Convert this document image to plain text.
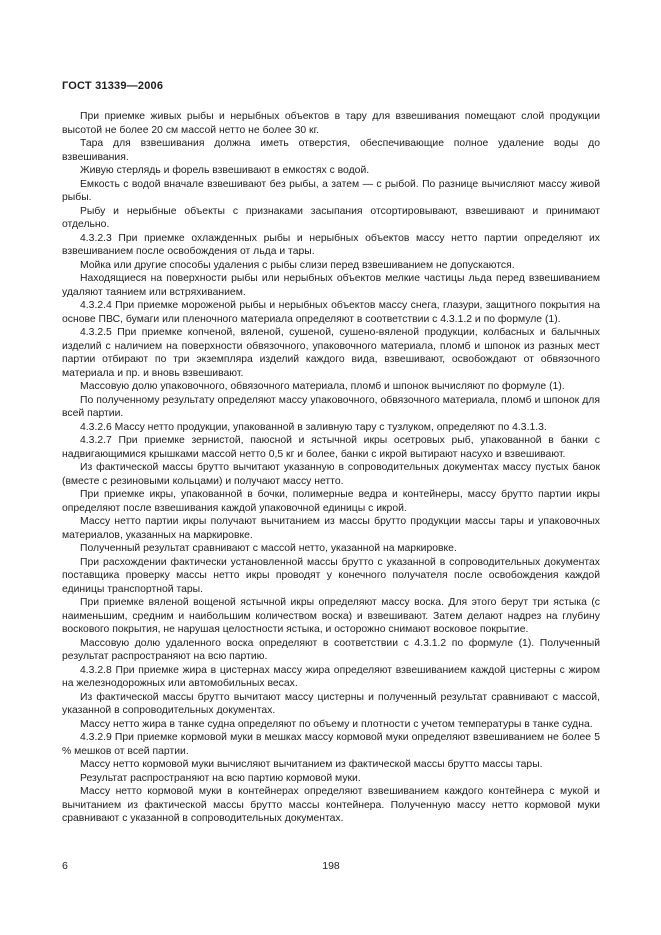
ГОСТ 31339—2006

При приемке живых рыбы и нерыбных объектов в тару для взвешивания помещают слой продукции высотой не более 20 см массой нетто не более 30 кг.

Тара для взвешивания должна иметь отверстия, обеспечивающие полное удаление воды до взвешивания.

Живую стерлядь и форель взвешивают в емкостях с водой.

Емкость с водой вначале взвешивают без рыбы, а затем — с рыбой. По разнице вычисляют массу живой рыбы.

Рыбу и нерыбные объекты с признаками засыпания отсортировывают, взвешивают и принимают отдельно.

4.3.2.3 При приемке охлажденных рыбы и нерыбных объектов массу нетто партии определяют их взвешиванием после освобождения от льда и тары.

Мойка или другие способы удаления с рыбы слизи перед взвешиванием не допускаются.

Находящиеся на поверхности рыбы или нерыбных объектов мелкие частицы льда перед взвешиванием удаляют таянием или встряхиванием.

4.3.2.4 При приемке мороженой рыбы и нерыбных объектов массу снега, глазури, защитного покрытия на основе ПВС, бумаги или пленочного материала определяют в соответствии с 4.3.1.2 и по формуле (1).

4.3.2.5 При приемке копченой, вяленой, сушеной, сушено-вяленой продукции, колбасных и балычных изделий с наличием на поверхности обвязочного, упаковочного материала, пломб и шпонок из разных мест партии отбирают по три экземпляра изделий каждого вида, взвешивают, освобождают от обвязочного материала и пр. и вновь взвешивают.

Массовую долю упаковочного, обвязочного материала, пломб и шпонок вычисляют по формуле (1).

По полученному результату определяют массу упаковочного, обвязочного материала, пломб и шпонок для всей партии.

4.3.2.6 Массу нетто продукции, упакованной в заливную тару с тузлуком, определяют по 4.3.1.3.

4.3.2.7 При приемке зернистой, паюсной и ястычной икры осетровых рыб, упакованной в банки с надвигающимися крышками массой нетто 0,5 кг и более, банки с икрой вытирают насухо и взвешивают.

Из фактической массы брутто вычитают указанную в сопроводительных документах массу пустых банок (вместе с резиновыми кольцами) и получают массу нетто.

При приемке икры, упакованной в бочки, полимерные ведра и контейнеры, массу брутто партии икры определяют после взвешивания каждой упаковочной единицы с икрой.

Массу нетто партии икры получают вычитанием из массы брутто продукции массы тары и упаковочных материалов, указанных на маркировке.

Полученный результат сравнивают с массой нетто, указанной на маркировке.

При расхождении фактически установленной массы брутто с указанной в сопроводительных документах поставщика проверку массы нетто икры проводят у конечного получателя после освобождения каждой единицы транспортной тары.

При приемке вяленой вощеной ястычной икры определяют массу воска. Для этого берут три ястыка (с наименьшим, средним и наибольшим количеством воска) и взвешивают. Затем делают надрез на глубину воскового покрытия, не нарушая целостности ястыка, и осторожно снимают восковое покрытие.

Массовую долю удаленного воска определяют в соответствии с 4.3.1.2 по формуле (1). Полученный результат распространяют на всю партию.

4.3.2.8 При приемке жира в цистернах массу жира определяют взвешиванием каждой цистерны с жиром на железнодорожных или автомобильных весах.

Из фактической массы брутто вычитают массу цистерны и полученный результат сравнивают с массой, указанной в сопроводительных документах.

Массу нетто жира в танке судна определяют по объему и плотности с учетом температуры в танке судна.

4.3.2.9 При приемке кормовой муки в мешках массу кормовой муки определяют взвешиванием не более 5 % мешков от всей партии.

Массу нетто кормовой муки вычисляют вычитанием из фактической массы брутто массы тары.

Результат распространяют на всю партию кормовой муки.

Массу нетто кормовой муки в контейнерах определяют взвешиванием каждого контейнера с мукой и вычитанием из фактической массы брутто массы контейнера. Полученную массу нетто кормовой муки сравнивают с указанной в сопроводительных документах.

6	198
